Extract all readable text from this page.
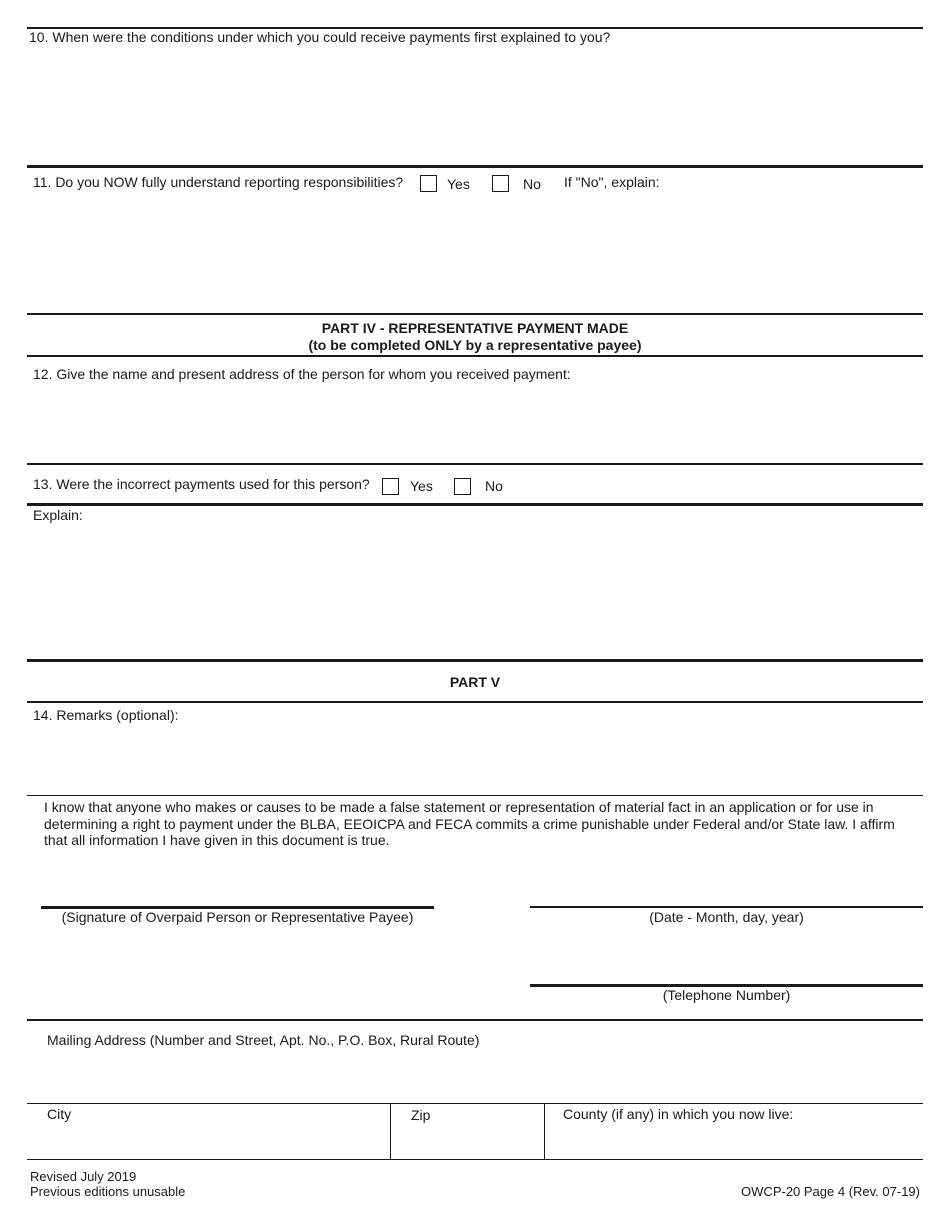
10. When were the conditions under which you could receive payments first explained to you?
11. Do you NOW fully understand reporting responsibilities?	Yes	No If "No", explain:
PART IV - REPRESENTATIVE PAYMENT MADE
(to be completed ONLY by a representative payee)
12. Give the name and present address of the person for whom you received payment:
13. Were the incorrect payments used for this person?	Yes	No
Explain:
PART V
14. Remarks (optional):
I know that anyone who makes or causes to be made a false statement or representation of material fact in an application or for use in determining a right to payment under the BLBA, EEOICPA and FECA commits a crime punishable under Federal and/or State law. I affirm that all information I have given in this document is true.
(Signature of Overpaid Person or Representative Payee)	(Date - Month, day, year)
(Telephone Number)
Mailing Address (Number and Street, Apt. No., P.O. Box, Rural Route)
City	Zip	County (if any) in which you now live:
Revised July 2019
Previous editions unusable	OWCP-20 Page 4 (Rev. 07-19)
